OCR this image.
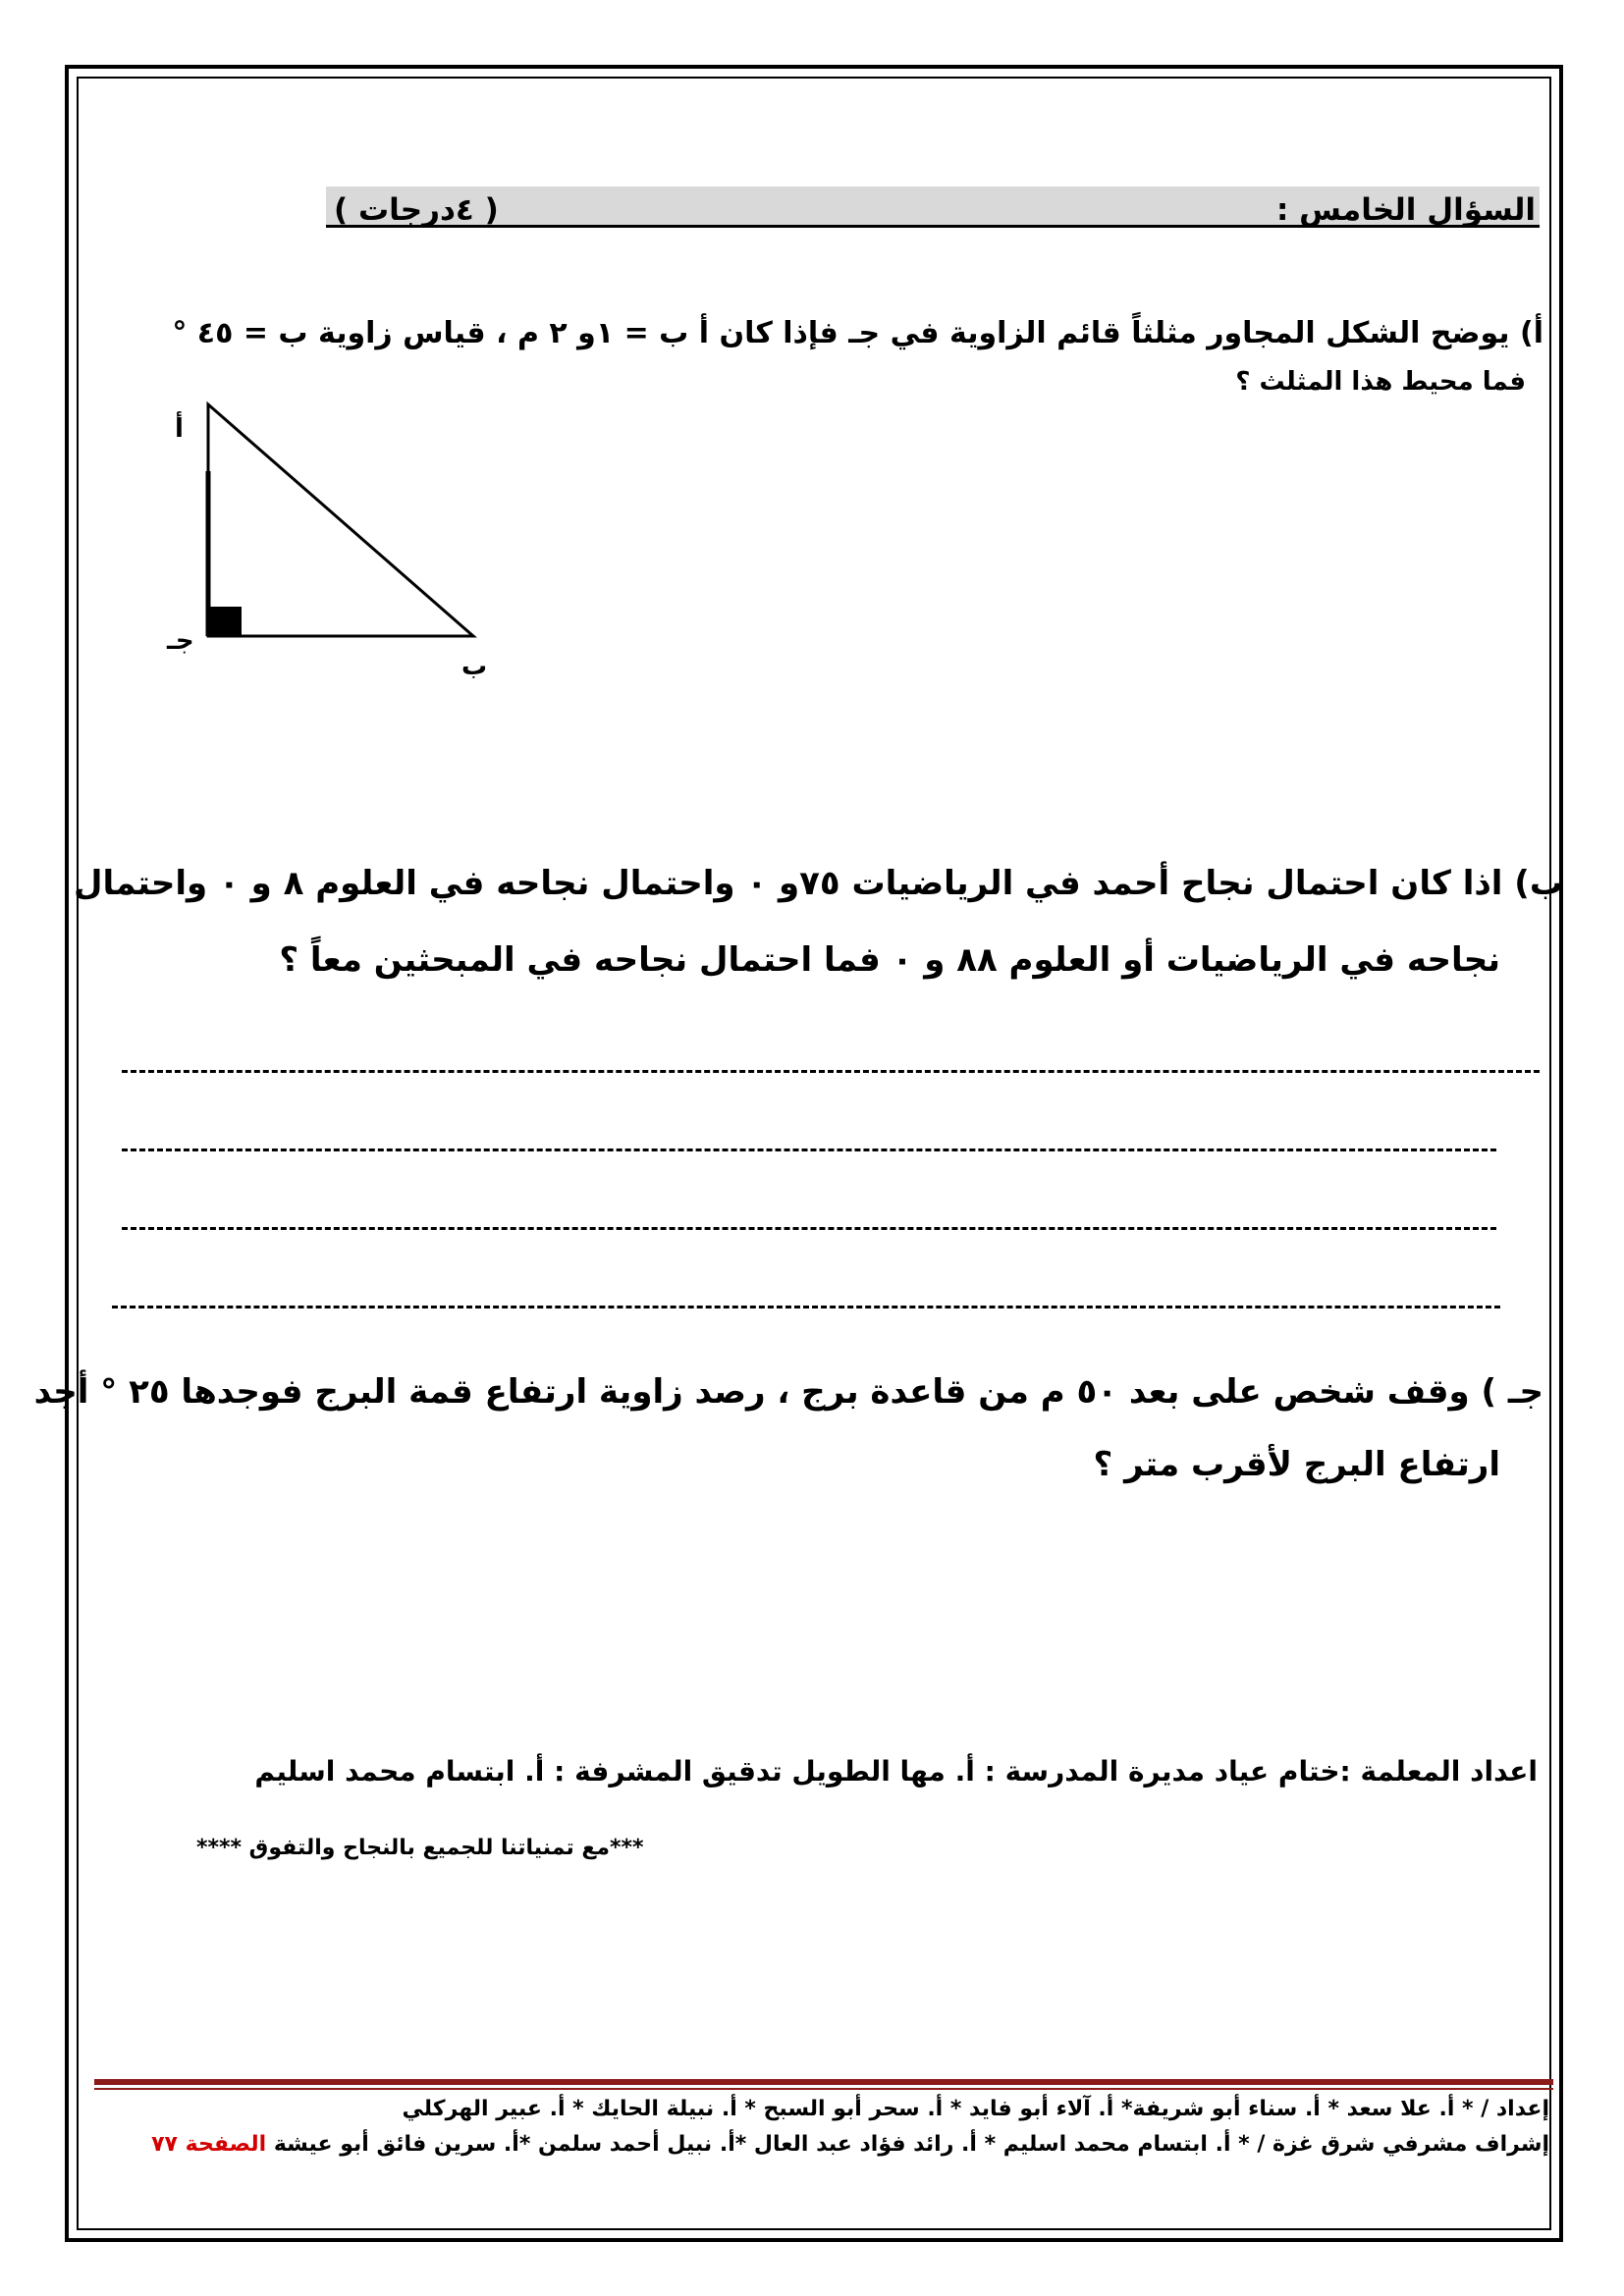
السؤال الخامس :
( ٤درجات )
أ) يوضح الشكل المجاور مثلثاً قائم الزاوية في جـ فإذا كان أ ب = ١و ٢ م ، قياس زاوية ب = ٤٥ °
فما محيط هذا المثلث ؟
أ
جـ
ب
ب) اذا كان احتمال نجاح أحمد في الرياضيات ٧٥و ٠ واحتمال نجاحه في العلوم ٨ و ٠ واحتمال
نجاحه في الرياضيات أو العلوم ٨٨ و ٠ فما احتمال نجاحه في المبحثين معاً ؟
جـ ) وقف شخص على بعد ٥٠ م من قاعدة برج ، رصد زاوية ارتفاع قمة البرج فوجدها ٢٥ ° أجد
ارتفاع البرج لأقرب متر ؟
اعداد المعلمة :ختام عياد مديرة المدرسة : أ. مها الطويل تدقيق المشرفة : أ. ابتسام محمد اسليم
***مع تمنياتنا للجميع بالنجاح والتفوق ****
إعداد / * أ. علا سعد * أ. سناء أبو شريفة* أ. آلاء أبو فايد * أ. سحر أبو السبح * أ. نبيلة الحايك * أ. عبير الهركلي
إشراف مشرفي شرق غزة / * أ. ابتسام محمد اسليم * أ. رائد فؤاد عبد العال *أ. نبيل أحمد سلمن *أ. سرين فائق أبو عيشة الصفحة ٧٧
